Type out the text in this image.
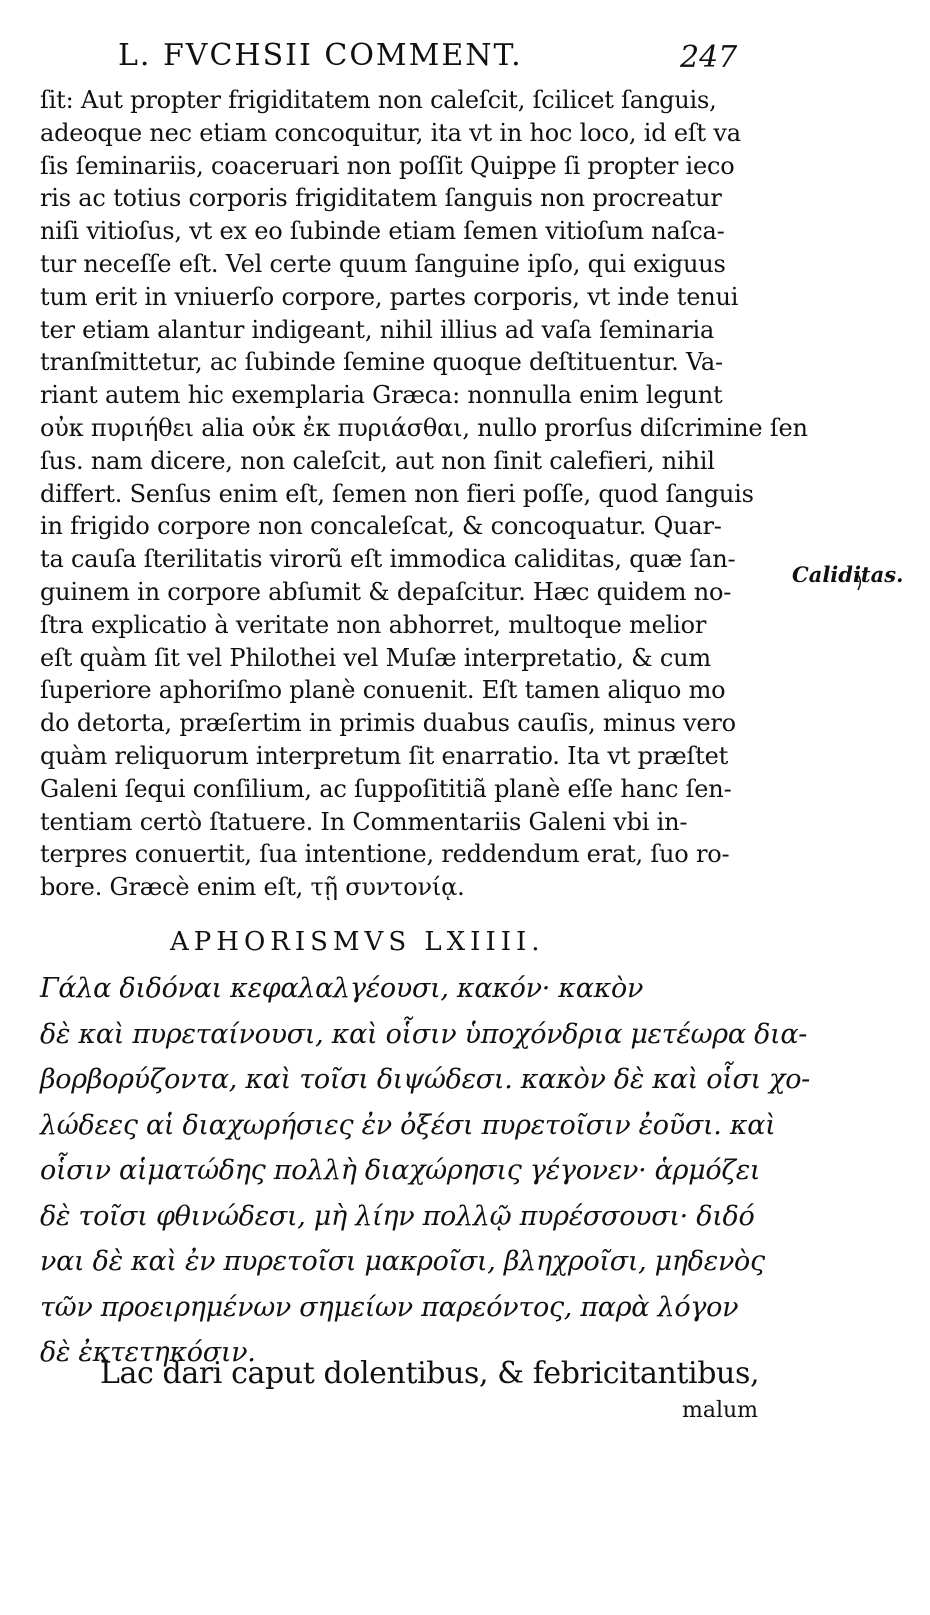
L. FVCHSII COMMENT.	247
ſit: Aut propter frigiditatem non caleſcit, ſcilicet ſanguis,
adeoque nec etiam concoquitur, ita vt in hoc loco, id eſt va
ſis ſeminariis, coaceruari non poſſit Quippe ſi propter ieco
ris ac totius corporis frigiditatem ſanguis non procreatur
niſi vitioſus, vt ex eo ſubinde etiam ſemen vitioſum naſca-
tur neceſſe eſt. Vel certe quum ſanguine ipſo, qui exiguus
tum erit in vniuerſo corpore, partes corporis, vt inde tenui
ter etiam alantur indigeant, nihil illius ad vaſa ſeminaria
tranſmittetur, ac ſubinde ſemine quoque deſtituentur. Va-
riant autem hic exemplaria Græca: nonnulla enim legunt
οὐκ πυριήθει alia οὐκ ἐκ πυριάσθαι, nullo prorſus diſcrimine ſen
ſus. nam dicere, non caleſcit, aut non ſinit calefieri, nihil
differt. Senſus enim eſt, ſemen non fieri poſſe, quod ſanguis
in frigido corpore non concaleſcat, & concoquatur. Quar-
ta cauſa ſterilitatis virorũ eſt immodica caliditas, quæ ſan-
guinem in corpore abſumit & depaſcitur. Hæc quidem no-
ſtra explicatio à veritate non abhorret, multoque melior
eſt quàm ſit vel Philothei vel Muſæ interpretatio, & cum
ſuperiore aphoriſmo planè conuenit. Eſt tamen aliquo mo
do detorta, præſertim in primis duabus cauſis, minus vero
quàm reliquorum interpretum ſit enarratio. Ita vt præſtet
Galeni ſequi conſilium, ac ſuppoſititiã planè eſſe hanc ſen-
tentiam certò ſtatuere. In Commentariis Galeni vbi in-
terpres conuertit, ſua intentione, reddendum erat, ſuo ro-
bore. Græcè enim eſt, τῇ συντονίᾳ.
Caliditas.
APHORISMVS LXIIII.
Γάλα διδόναι κεφαλαλγέουσι, κακόν· κακὸν
δὲ καὶ πυρεταίνουσι, καὶ οἷσιν ὑποχόνδρια μετέωρα δια-
βορβορύζοντα, καὶ τοῖσι διψώδεσι. κακὸν δὲ καὶ οἷσι χο-
λώδεες αἱ διαχωρήσιες ἐν ὀξέσι πυρετοῖσιν ἐοῦσι. καὶ
οἷσιν αἱματώδης πολλὴ διαχώρησις γέγονεν· ἁρμόζει
δὲ τοῖσι φθινώδεσι, μὴ λίην πολλῷ πυρέσσουσι· διδό
ναι δὲ καὶ ἐν πυρετοῖσι μακροῖσι, βληχροῖσι, μηδενὸς
τῶν προειρημένων σημείων παρεόντος, παρὰ λόγον
δὲ ἐκτετηκόσιν.
Lac dari caput dolentibus, & febricitantibus,
malum
